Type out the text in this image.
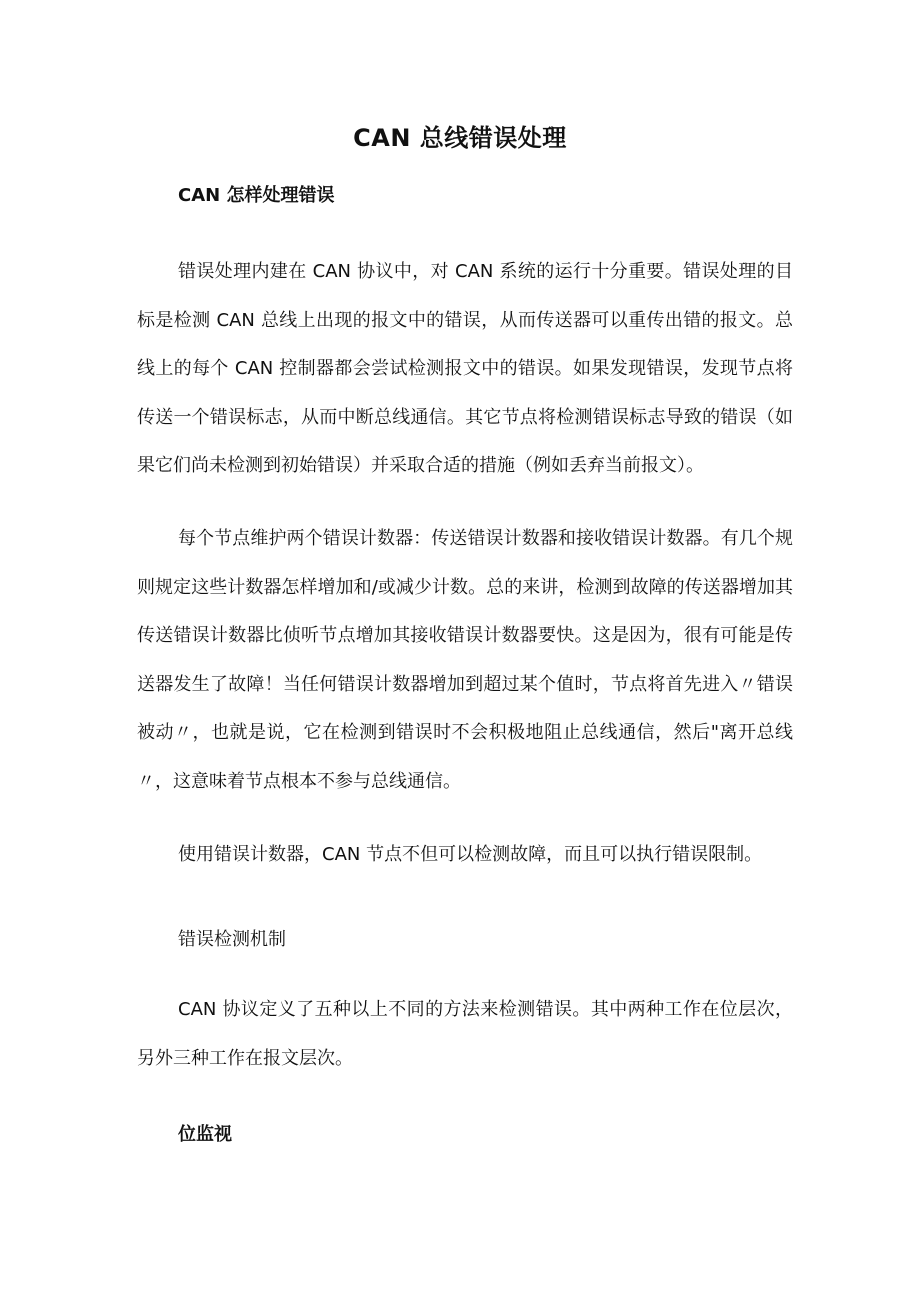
CAN 总线错误处理
CAN 怎样处理错误

错误处理内建在 CAN 协议中，对 CAN 系统的运行十分重要。错误处理的目标是检测 CAN 总线上出现的报文中的错误，从而传送器可以重传出错的报文。总线上的每个 CAN 控制器都会尝试检测报文中的错误。如果发现错误，发现节点将传送一个错误标志，从而中断总线通信。其它节点将检测错误标志导致的错误（如果它们尚未检测到初始错误）并采取合适的措施（例如丢弃当前报文）。

每个节点维护两个错误计数器：传送错误计数器和接收错误计数器。有几个规则规定这些计数器怎样增加和/或减少计数。总的来讲，检测到故障的传送器增加其传送错误计数器比侦听节点增加其接收错误计数器要快。这是因为，很有可能是传送器发生了故障！当任何错误计数器增加到超过某个值时，节点将首先进入〃错误被动〃，也就是说，它在检测到错误时不会积极地阻止总线通信，然后"离开总线〃，这意味着节点根本不参与总线通信。

使用错误计数器，CAN 节点不但可以检测故障，而且可以执行错误限制。

错误检测机制

CAN 协议定义了五种以上不同的方法来检测错误。其中两种工作在位层次，另外三种工作在报文层次。

位监视
